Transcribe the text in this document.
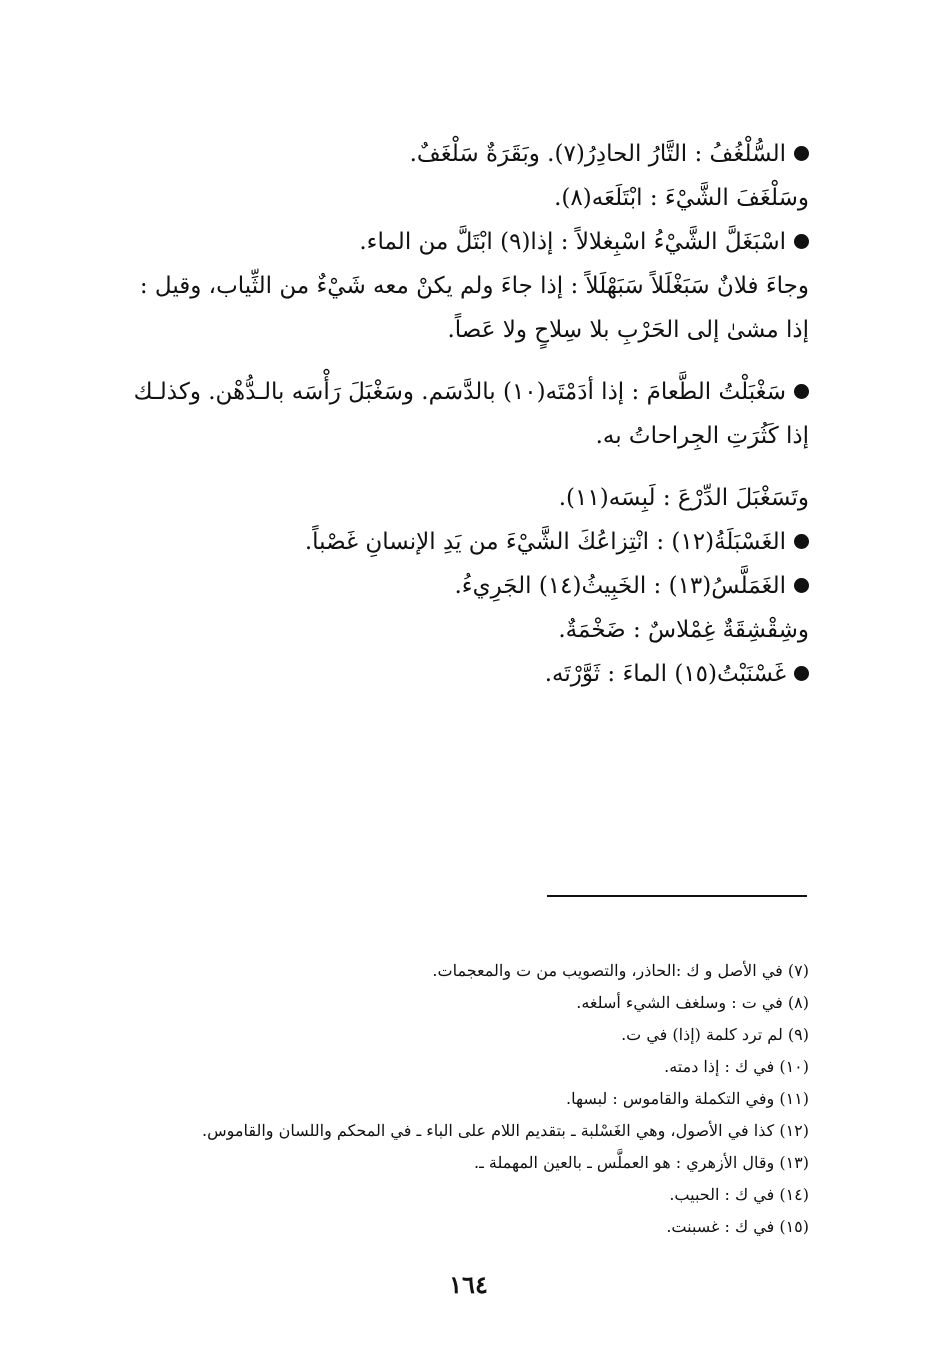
السُّلْغُفُ : التَّارُ الحادِرُ(٧). وبَقَرَةٌ سَلْغَفٌ.
وسَلْغَفَ الشَّيْءَ : ابْتَلَعَه(٨).
اسْبَغَلَّ الشَّيْءُ اسْبِغلالاً : إذا(٩) ابْتَلَّ من الماء.
وجاءَ فلانٌ سَبَغْلَلاً سَبَهْلَلاً : إذا جاءَ ولم يكنْ معه شَيْءٌ من الثِّياب، وقيل :
إذا مشىٰ إلى الحَرْبِ بلا سِلاحٍ ولا عَصاً.
سَغْبَلْتُ الطَّعامَ : إذا أدَمْتَه(١٠) بالدَّسَم. وسَغْبَلَ رَأْسَه بالـدُّهْن. وكذلـك
إذا كَثُرَتِ الجِراحاتُ به.
وتَسَغْبَلَ الدِّرْعَ : لَبِسَه(١١).
الغَسْبَلَةُ(١٢) : انْتِزاعُكَ الشَّيْءَ من يَدِ الإنسانِ غَصْباً.
الغَمَلَّسُ(١٣) : الخَبِيثُ(١٤) الجَرِيءُ.
وشِقْشِقَةٌ غِمْلاسٌ : ضَخْمَةٌ.
غَسْنَبْتُ(١٥) الماءَ : ثَوَّرْتَه.
(٧) في الأصل و ك :الحاذر، والتصويب من ت والمعجمات.
(٨) في ت : وسلغف الشيء أسلغه.
(٩) لم ترد كلمة (إذا) في ت.
(١٠) في ك : إذا دمته.
(١١) وفي التكملة والقاموس : لبسها.
(١٢) كذا في الأصول، وهي الغَسْلبة ـ بتقديم اللام على الباء ـ في المحكم واللسان والقاموس.
(١٣) وقال الأزهري : هو العملَّس ـ بالعين المهملة ـ.
(١٤) في ك : الحبيب.
(١٥) في ك : غسبنت.
١٦٤
